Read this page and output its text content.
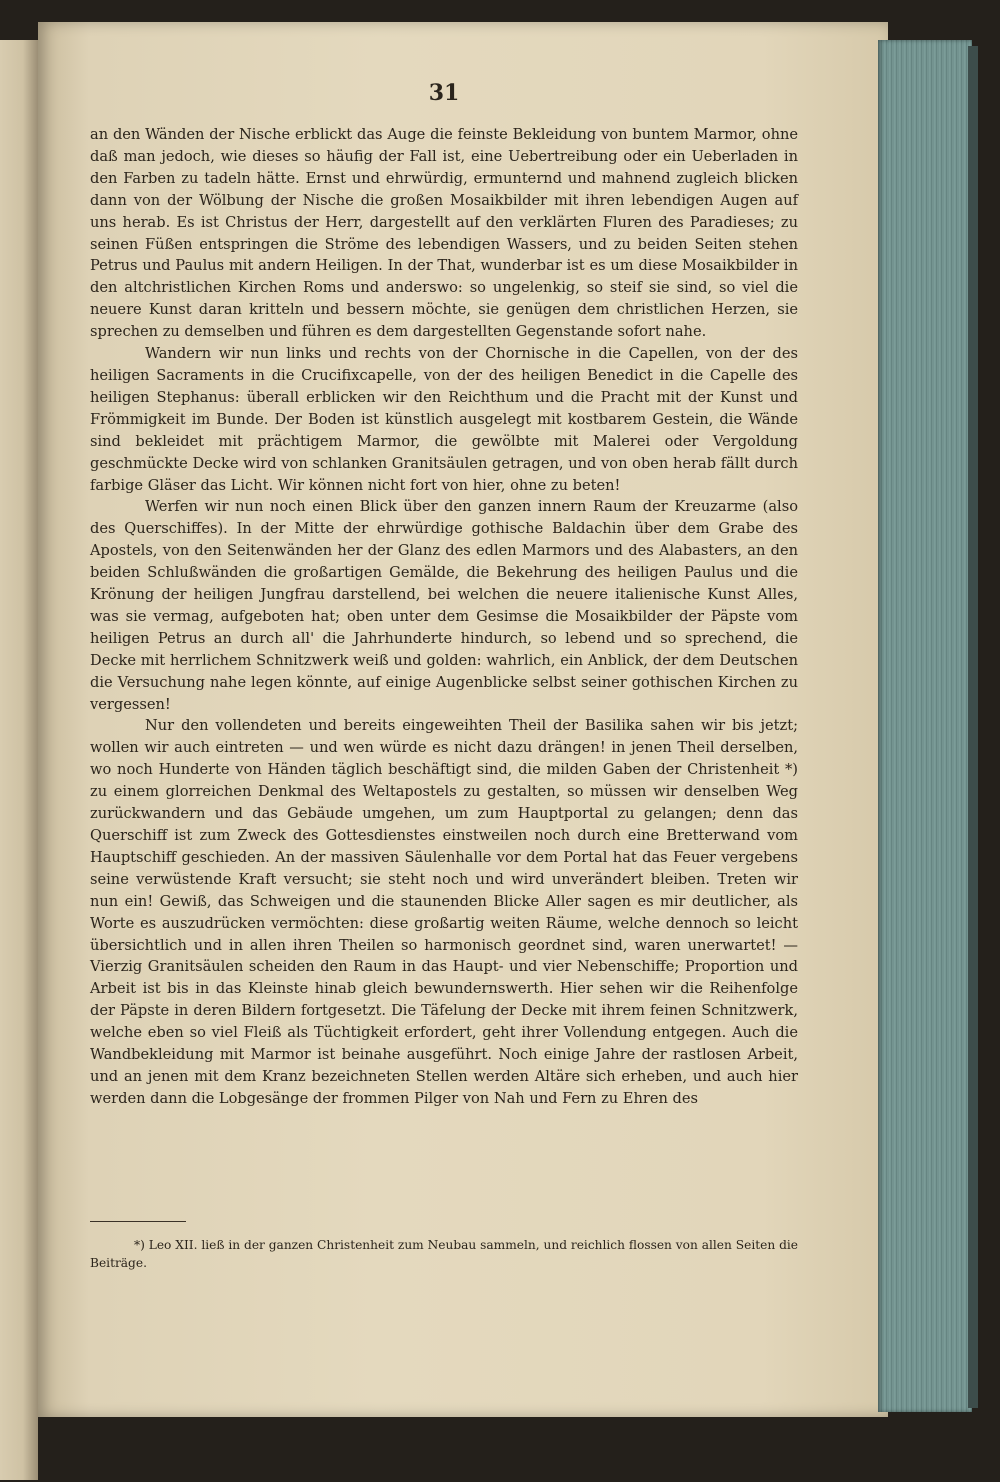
31

an den Wänden der Nische erblickt das Auge die feinste Bekleidung von buntem Marmor, ohne daß man jedoch, wie dieses so häufig der Fall ist, eine Uebertreibung oder ein Ueberladen in den Farben zu tadeln hätte. Ernst und ehrwürdig, ermunternd und mahnend zugleich blicken dann von der Wölbung der Nische die großen Mosaikbilder mit ihren lebendigen Augen auf uns herab. Es ist Christus der Herr, dargestellt auf den verklärten Fluren des Paradieses; zu seinen Füßen entspringen die Ströme des lebendigen Wassers, und zu beiden Seiten stehen Petrus und Paulus mit andern Heiligen. In der That, wunderbar ist es um diese Mosaikbilder in den altchristlichen Kirchen Roms und anderswo: so ungelenkig, so steif sie sind, so viel die neuere Kunst daran kritteln und bessern möchte, sie genügen dem christlichen Herzen, sie sprechen zu demselben und führen es dem dargestellten Gegenstande sofort nahe.

Wandern wir nun links und rechts von der Chornische in die Capellen, von der des heiligen Sacraments in die Crucifixcapelle, von der des heiligen Benedict in die Capelle des heiligen Stephanus: überall erblicken wir den Reichthum und die Pracht mit der Kunst und Frömmigkeit im Bunde. Der Boden ist künstlich ausgelegt mit kostbarem Gestein, die Wände sind bekleidet mit prächtigem Marmor, die gewölbte mit Malerei oder Vergoldung geschmückte Decke wird von schlanken Granitsäulen getragen, und von oben herab fällt durch farbige Gläser das Licht. Wir können nicht fort von hier, ohne zu beten!

Werfen wir nun noch einen Blick über den ganzen innern Raum der Kreuzarme (also des Querschiffes). In der Mitte der ehrwürdige gothische Baldachin über dem Grabe des Apostels, von den Seitenwänden her der Glanz des edlen Marmors und des Alabasters, an den beiden Schlußwänden die großartigen Gemälde, die Bekehrung des heiligen Paulus und die Krönung der heiligen Jungfrau darstellend, bei welchen die neuere italienische Kunst Alles, was sie vermag, aufgeboten hat; oben unter dem Gesimse die Mosaikbilder der Päpste vom heiligen Petrus an durch all' die Jahrhunderte hindurch, so lebend und so sprechend, die Decke mit herrlichem Schnitzwerk weiß und golden: wahrlich, ein Anblick, der dem Deutschen die Versuchung nahe legen könnte, auf einige Augenblicke selbst seiner gothischen Kirchen zu vergessen!

Nur den vollendeten und bereits eingeweihten Theil der Basilika sahen wir bis jetzt; wollen wir auch eintreten — und wen würde es nicht dazu drängen! in jenen Theil derselben, wo noch Hunderte von Händen täglich beschäftigt sind, die milden Gaben der Christenheit *) zu einem glorreichen Denkmal des Weltapostels zu gestalten, so müssen wir denselben Weg zurückwandern und das Gebäude umgehen, um zum Hauptportal zu gelangen; denn das Querschiff ist zum Zweck des Gottesdienstes einstweilen noch durch eine Bretterwand vom Hauptschiff geschieden. An der massiven Säulenhalle vor dem Portal hat das Feuer vergebens seine verwüstende Kraft versucht; sie steht noch und wird unverändert bleiben. Treten wir nun ein! Gewiß, das Schweigen und die staunenden Blicke Aller sagen es mir deutlicher, als Worte es auszudrücken vermöchten: diese großartig weiten Räume, welche dennoch so leicht übersichtlich und in allen ihren Theilen so harmonisch geordnet sind, waren unerwartet! — Vierzig Granitsäulen scheiden den Raum in das Haupt- und vier Nebenschiffe; Proportion und Arbeit ist bis in das Kleinste hinab gleich bewundernswerth. Hier sehen wir die Reihenfolge der Päpste in deren Bildern fortgesetzt. Die Täfelung der Decke mit ihrem feinen Schnitzwerk, welche eben so viel Fleiß als Tüchtigkeit erfordert, geht ihrer Vollendung entgegen. Auch die Wandbekleidung mit Marmor ist beinahe ausgeführt. Noch einige Jahre der rastlosen Arbeit, und an jenen mit dem Kranz bezeichneten Stellen werden Altäre sich erheben, und auch hier werden dann die Lobgesänge der frommen Pilger von Nah und Fern zu Ehren des

*) Leo XII. ließ in der ganzen Christenheit zum Neubau sammeln, und reichlich flossen von allen Seiten die Beiträge.
